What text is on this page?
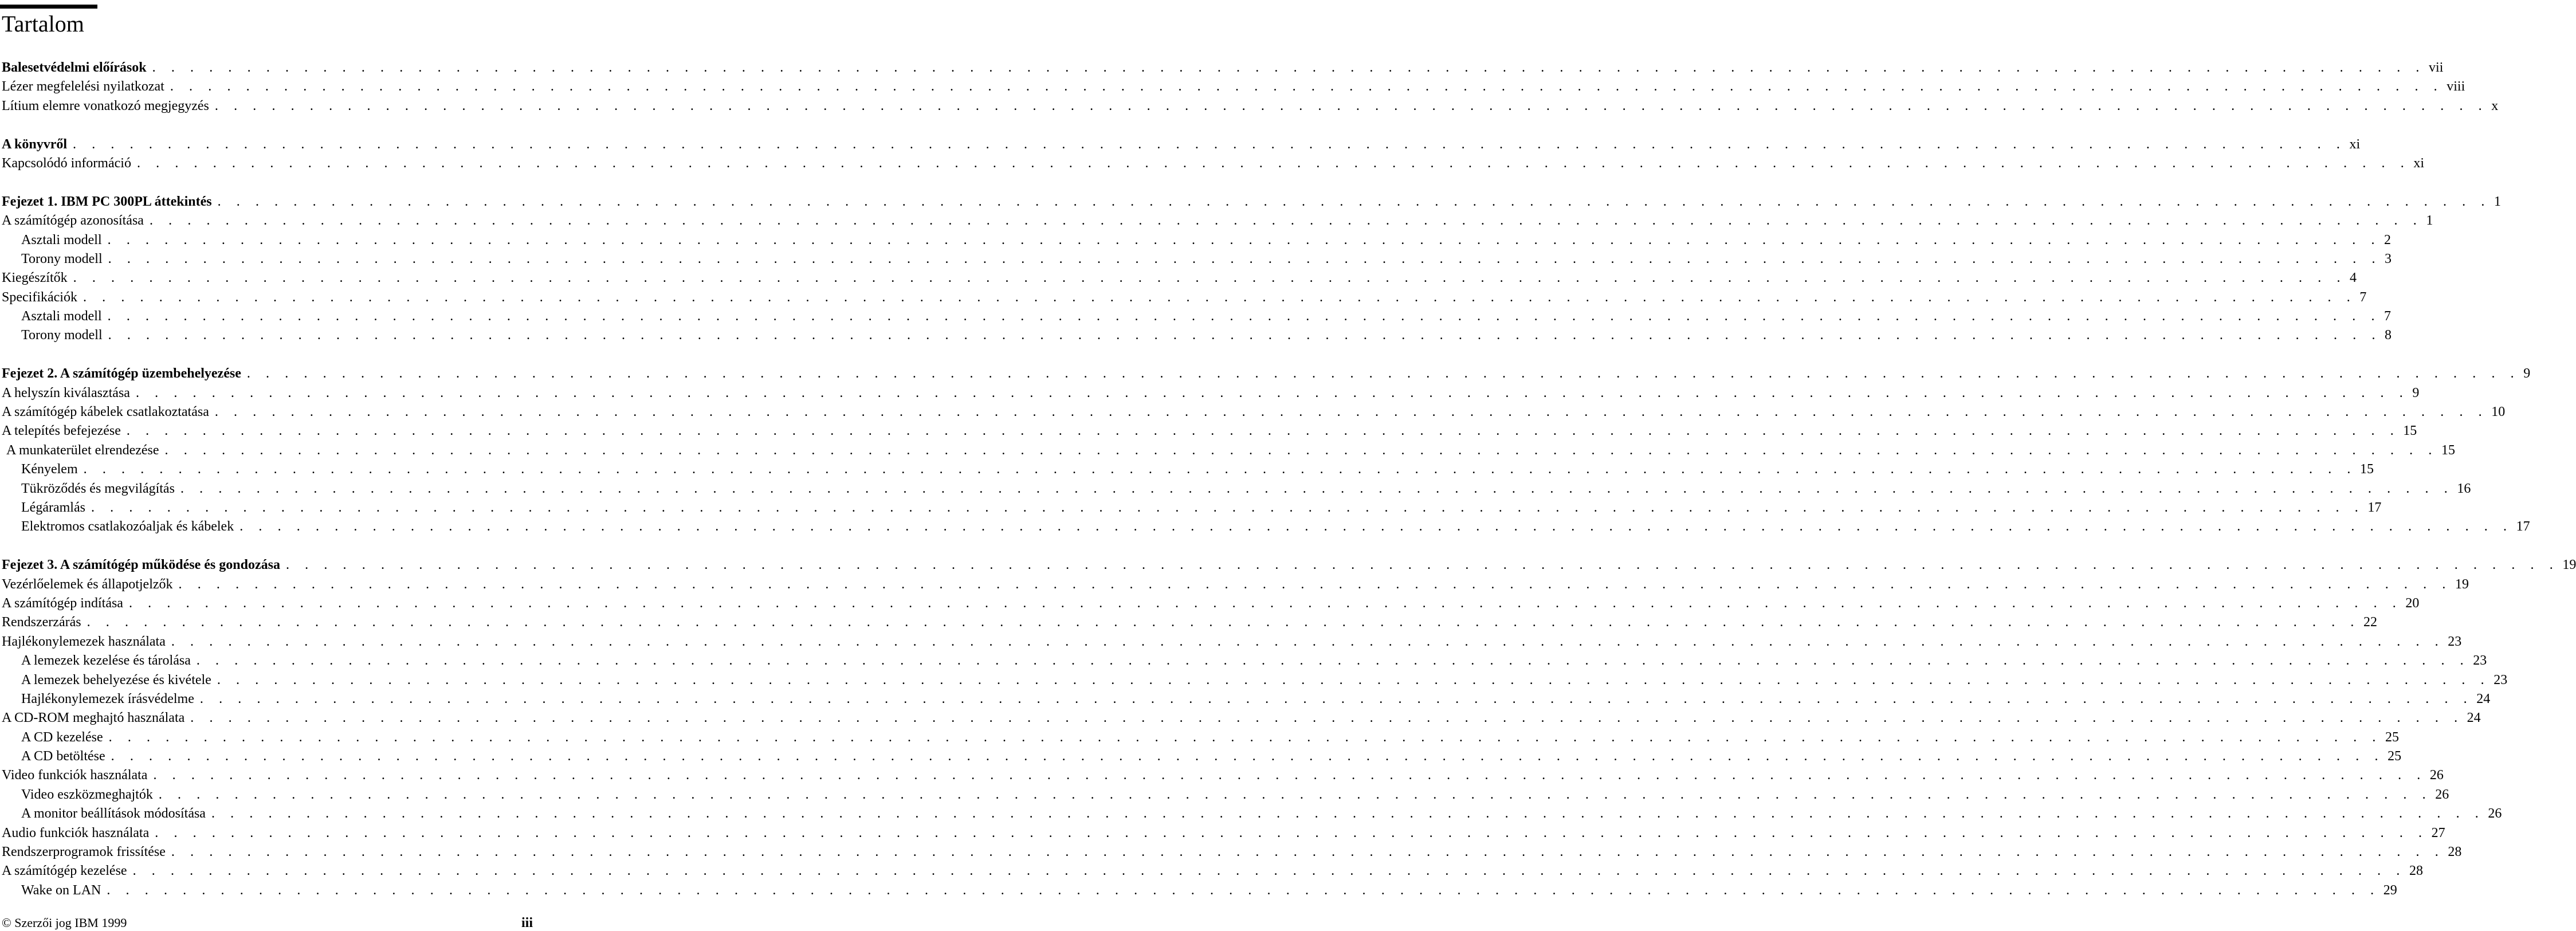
Tartalom
Balesetvédelmi előírások . . . . . . . . . . . . . . . . . . . . . . . . . . . . . . . . . . . . . . . . . . . . . . . . . . . . . . . . . . . . . . . . . . . . . . . . . . . . . . . . . . . . . . . . . . . . . . . . . . . . . . . . . . . . . . . . . . . . . . . . vii
Lézer megfelelési nyilatkozat . . . . . . . . . . . . . . . . . . . . . . . . . . . . . . . . . . . . . . . . . . . . . . . . . . . . . . . . . . . . . . . . . . . . . . . . . . . . . . . . . . . . . . . . . . . . . . . . . . . . . . . . . . . . . . . . . . . . . . . . viii
Lítium elemre vonatkozó megjegyzés . . . . . . . . . . . . . . . . . . . . . . . . . . . . . . . . . . . . . . . . . . . . . . . . . . . . . . . . . . . . . . . . . . . . . . . . . . . . . . . . . . . . . . . . . . . . . . . . . . . . . . . . . . . . . . . . . . . . . . . . x
A könyvről . . . . . . . . . . . . . . . . . . . . . . . . . . . . . . . . . . . . . . . . . . . . . . . . . . . . . . . . . . . . . . . . . . . . . . . . . . . . . . . . . . . . . . . . . . . . . . . . . . . . . . . . . . . . . . . . . . . . . . . . xi
Kapcsolódó információ . . . . . . . . . . . . . . . . . . . . . . . . . . . . . . . . . . . . . . . . . . . . . . . . . . . . . . . . . . . . . . . . . . . . . . . . . . . . . . . . . . . . . . . . . . . . . . . . . . . . . . . . . . . . . . . . . . . . . . . . xi
Fejezet 1. IBM PC 300PL áttekintés . . . . . . . . . . . . . . . . . . . . . . . . . . . . . . . . . . . . . . . . . . . . . . . . . . . . . . . . . . . . . . . . . . . . . . . . . . . . . . . . . . . . . . . . . . . . . . . . . . . . . . . . . . . . . . . . . . . . . . . . 1
A számítógép azonosítása . . . . . . . . . . . . . . . . . . . . . . . . . . . . . . . . . . . . . . . . . . . . . . . . . . . . . . . . . . . . . . . . . . . . . . . . . . . . . . . . . . . . . . . . . . . . . . . . . . . . . . . . . . . . . . . . . . . . . . . . 1
Asztali modell . . . . . . . . . . . . . . . . . . . . . . . . . . . . . . . . . . . . . . . . . . . . . . . . . . . . . . . . . . . . . . . . . . . . . . . . . . . . . . . . . . . . . . . . . . . . . . . . . . . . . . . . . . . . . . . . . . . . . . . . 2
Torony modell . . . . . . . . . . . . . . . . . . . . . . . . . . . . . . . . . . . . . . . . . . . . . . . . . . . . . . . . . . . . . . . . . . . . . . . . . . . . . . . . . . . . . . . . . . . . . . . . . . . . . . . . . . . . . . . . . . . . . . . . 3
Kiegészítők . . . . . . . . . . . . . . . . . . . . . . . . . . . . . . . . . . . . . . . . . . . . . . . . . . . . . . . . . . . . . . . . . . . . . . . . . . . . . . . . . . . . . . . . . . . . . . . . . . . . . . . . . . . . . . . . . . . . . . . . 4
Specifikációk . . . . . . . . . . . . . . . . . . . . . . . . . . . . . . . . . . . . . . . . . . . . . . . . . . . . . . . . . . . . . . . . . . . . . . . . . . . . . . . . . . . . . . . . . . . . . . . . . . . . . . . . . . . . . . . . . . . . . . . . 7
Asztali modell . . . . . . . . . . . . . . . . . . . . . . . . . . . . . . . . . . . . . . . . . . . . . . . . . . . . . . . . . . . . . . . . . . . . . . . . . . . . . . . . . . . . . . . . . . . . . . . . . . . . . . . . . . . . . . . . . . . . . . . . 7
Torony modell . . . . . . . . . . . . . . . . . . . . . . . . . . . . . . . . . . . . . . . . . . . . . . . . . . . . . . . . . . . . . . . . . . . . . . . . . . . . . . . . . . . . . . . . . . . . . . . . . . . . . . . . . . . . . . . . . . . . . . . . 8
Fejezet 2. A számítógép üzembehelyezése . . . . . . . . . . . . . . . . . . . . . . . . . . . . . . . . . . . . . . . . . . . . . . . . . . . . . . . . . . . . . . . . . . . . . . . . . . . . . . . . . . . . . . . . . . . . . . . . . . . . . . . . . . . . . . . . . . . . . . . . 9
A helyszín kiválasztása . . . . . . . . . . . . . . . . . . . . . . . . . . . . . . . . . . . . . . . . . . . . . . . . . . . . . . . . . . . . . . . . . . . . . . . . . . . . . . . . . . . . . . . . . . . . . . . . . . . . . . . . . . . . . . . . . . . . . . . . 9
A számítógép kábelek csatlakoztatása . . . . . . . . . . . . . . . . . . . . . . . . . . . . . . . . . . . . . . . . . . . . . . . . . . . . . . . . . . . . . . . . . . . . . . . . . . . . . . . . . . . . . . . . . . . . . . . . . . . . . . . . . . . . . . . . . . . . . . . . 10
A telepítés befejezése . . . . . . . . . . . . . . . . . . . . . . . . . . . . . . . . . . . . . . . . . . . . . . . . . . . . . . . . . . . . . . . . . . . . . . . . . . . . . . . . . . . . . . . . . . . . . . . . . . . . . . . . . . . . . . . . . . . . . . . . 15
A munkaterület elrendezése . . . . . . . . . . . . . . . . . . . . . . . . . . . . . . . . . . . . . . . . . . . . . . . . . . . . . . . . . . . . . . . . . . . . . . . . . . . . . . . . . . . . . . . . . . . . . . . . . . . . . . . . . . . . . . . . . . . . . . . . 15
Kényelem . . . . . . . . . . . . . . . . . . . . . . . . . . . . . . . . . . . . . . . . . . . . . . . . . . . . . . . . . . . . . . . . . . . . . . . . . . . . . . . . . . . . . . . . . . . . . . . . . . . . . . . . . . . . . . . . . . . . . . . . 15
Tükröződés és megvilágítás . . . . . . . . . . . . . . . . . . . . . . . . . . . . . . . . . . . . . . . . . . . . . . . . . . . . . . . . . . . . . . . . . . . . . . . . . . . . . . . . . . . . . . . . . . . . . . . . . . . . . . . . . . . . . . . . . . . . . . . . 16
Légáramlás . . . . . . . . . . . . . . . . . . . . . . . . . . . . . . . . . . . . . . . . . . . . . . . . . . . . . . . . . . . . . . . . . . . . . . . . . . . . . . . . . . . . . . . . . . . . . . . . . . . . . . . . . . . . . . . . . . . . . . . . 17
Elektromos csatlakozóaljak és kábelek . . . . . . . . . . . . . . . . . . . . . . . . . . . . . . . . . . . . . . . . . . . . . . . . . . . . . . . . . . . . . . . . . . . . . . . . . . . . . . . . . . . . . . . . . . . . . . . . . . . . . . . . . . . . . . . . . . . . . . . . 17
Fejezet 3. A számítógép működése és gondozása . . . . . . . . . . . . . . . . . . . . . . . . . . . . . . . . . . . . . . . . . . . . . . . . . . . . . . . . . . . . . . . . . . . . . . . . . . . . . . . . . . . . . . . . . . . . . . . . . . . . . . . . . . . . . . . . . . . . . . . . 19
Vezérlőelemek és állapotjelzők . . . . . . . . . . . . . . . . . . . . . . . . . . . . . . . . . . . . . . . . . . . . . . . . . . . . . . . . . . . . . . . . . . . . . . . . . . . . . . . . . . . . . . . . . . . . . . . . . . . . . . . . . . . . . . . . . . . . . . . . 19
A számítógép indítása . . . . . . . . . . . . . . . . . . . . . . . . . . . . . . . . . . . . . . . . . . . . . . . . . . . . . . . . . . . . . . . . . . . . . . . . . . . . . . . . . . . . . . . . . . . . . . . . . . . . . . . . . . . . . . . . . . . . . . . . 20
Rendszerzárás . . . . . . . . . . . . . . . . . . . . . . . . . . . . . . . . . . . . . . . . . . . . . . . . . . . . . . . . . . . . . . . . . . . . . . . . . . . . . . . . . . . . . . . . . . . . . . . . . . . . . . . . . . . . . . . . . . . . . . . . 22
Hajlékonylemezek használata . . . . . . . . . . . . . . . . . . . . . . . . . . . . . . . . . . . . . . . . . . . . . . . . . . . . . . . . . . . . . . . . . . . . . . . . . . . . . . . . . . . . . . . . . . . . . . . . . . . . . . . . . . . . . . . . . . . . . . . . 23
A lemezek kezelése és tárolása . . . . . . . . . . . . . . . . . . . . . . . . . . . . . . . . . . . . . . . . . . . . . . . . . . . . . . . . . . . . . . . . . . . . . . . . . . . . . . . . . . . . . . . . . . . . . . . . . . . . . . . . . . . . . . . . . . . . . . . . 23
A lemezek behelyezése és kivétele . . . . . . . . . . . . . . . . . . . . . . . . . . . . . . . . . . . . . . . . . . . . . . . . . . . . . . . . . . . . . . . . . . . . . . . . . . . . . . . . . . . . . . . . . . . . . . . . . . . . . . . . . . . . . . . . . . . . . . . . 23
Hajlékonylemezek írásvédelme . . . . . . . . . . . . . . . . . . . . . . . . . . . . . . . . . . . . . . . . . . . . . . . . . . . . . . . . . . . . . . . . . . . . . . . . . . . . . . . . . . . . . . . . . . . . . . . . . . . . . . . . . . . . . . . . . . . . . . . . 24
A CD-ROM meghajtó használata . . . . . . . . . . . . . . . . . . . . . . . . . . . . . . . . . . . . . . . . . . . . . . . . . . . . . . . . . . . . . . . . . . . . . . . . . . . . . . . . . . . . . . . . . . . . . . . . . . . . . . . . . . . . . . . . . . . . . . . . 24
A CD kezelése . . . . . . . . . . . . . . . . . . . . . . . . . . . . . . . . . . . . . . . . . . . . . . . . . . . . . . . . . . . . . . . . . . . . . . . . . . . . . . . . . . . . . . . . . . . . . . . . . . . . . . . . . . . . . . . . . . . . . . . . 25
A CD betöltése . . . . . . . . . . . . . . . . . . . . . . . . . . . . . . . . . . . . . . . . . . . . . . . . . . . . . . . . . . . . . . . . . . . . . . . . . . . . . . . . . . . . . . . . . . . . . . . . . . . . . . . . . . . . . . . . . . . . . . . . 25
Video funkciók használata . . . . . . . . . . . . . . . . . . . . . . . . . . . . . . . . . . . . . . . . . . . . . . . . . . . . . . . . . . . . . . . . . . . . . . . . . . . . . . . . . . . . . . . . . . . . . . . . . . . . . . . . . . . . . . . . . . . . . . . . 26
Video eszközmeghajtók . . . . . . . . . . . . . . . . . . . . . . . . . . . . . . . . . . . . . . . . . . . . . . . . . . . . . . . . . . . . . . . . . . . . . . . . . . . . . . . . . . . . . . . . . . . . . . . . . . . . . . . . . . . . . . . . . . . . . . . . 26
A monitor beállítások módosítása . . . . . . . . . . . . . . . . . . . . . . . . . . . . . . . . . . . . . . . . . . . . . . . . . . . . . . . . . . . . . . . . . . . . . . . . . . . . . . . . . . . . . . . . . . . . . . . . . . . . . . . . . . . . . . . . . . . . . . . . 26
Audio funkciók használata . . . . . . . . . . . . . . . . . . . . . . . . . . . . . . . . . . . . . . . . . . . . . . . . . . . . . . . . . . . . . . . . . . . . . . . . . . . . . . . . . . . . . . . . . . . . . . . . . . . . . . . . . . . . . . . . . . . . . . . . 27
Rendszerprogramok frissítése . . . . . . . . . . . . . . . . . . . . . . . . . . . . . . . . . . . . . . . . . . . . . . . . . . . . . . . . . . . . . . . . . . . . . . . . . . . . . . . . . . . . . . . . . . . . . . . . . . . . . . . . . . . . . . . . . . . . . . . . 28
A számítógép kezelése . . . . . . . . . . . . . . . . . . . . . . . . . . . . . . . . . . . . . . . . . . . . . . . . . . . . . . . . . . . . . . . . . . . . . . . . . . . . . . . . . . . . . . . . . . . . . . . . . . . . . . . . . . . . . . . . . . . . . . . . 28
Wake on LAN . . . . . . . . . . . . . . . . . . . . . . . . . . . . . . . . . . . . . . . . . . . . . . . . . . . . . . . . . . . . . . . . . . . . . . . . . . . . . . . . . . . . . . . . . . . . . . . . . . . . . . . . . . . . . . . . . . . . . . . . 29
© Szerzői jog IBM 1999	iii
